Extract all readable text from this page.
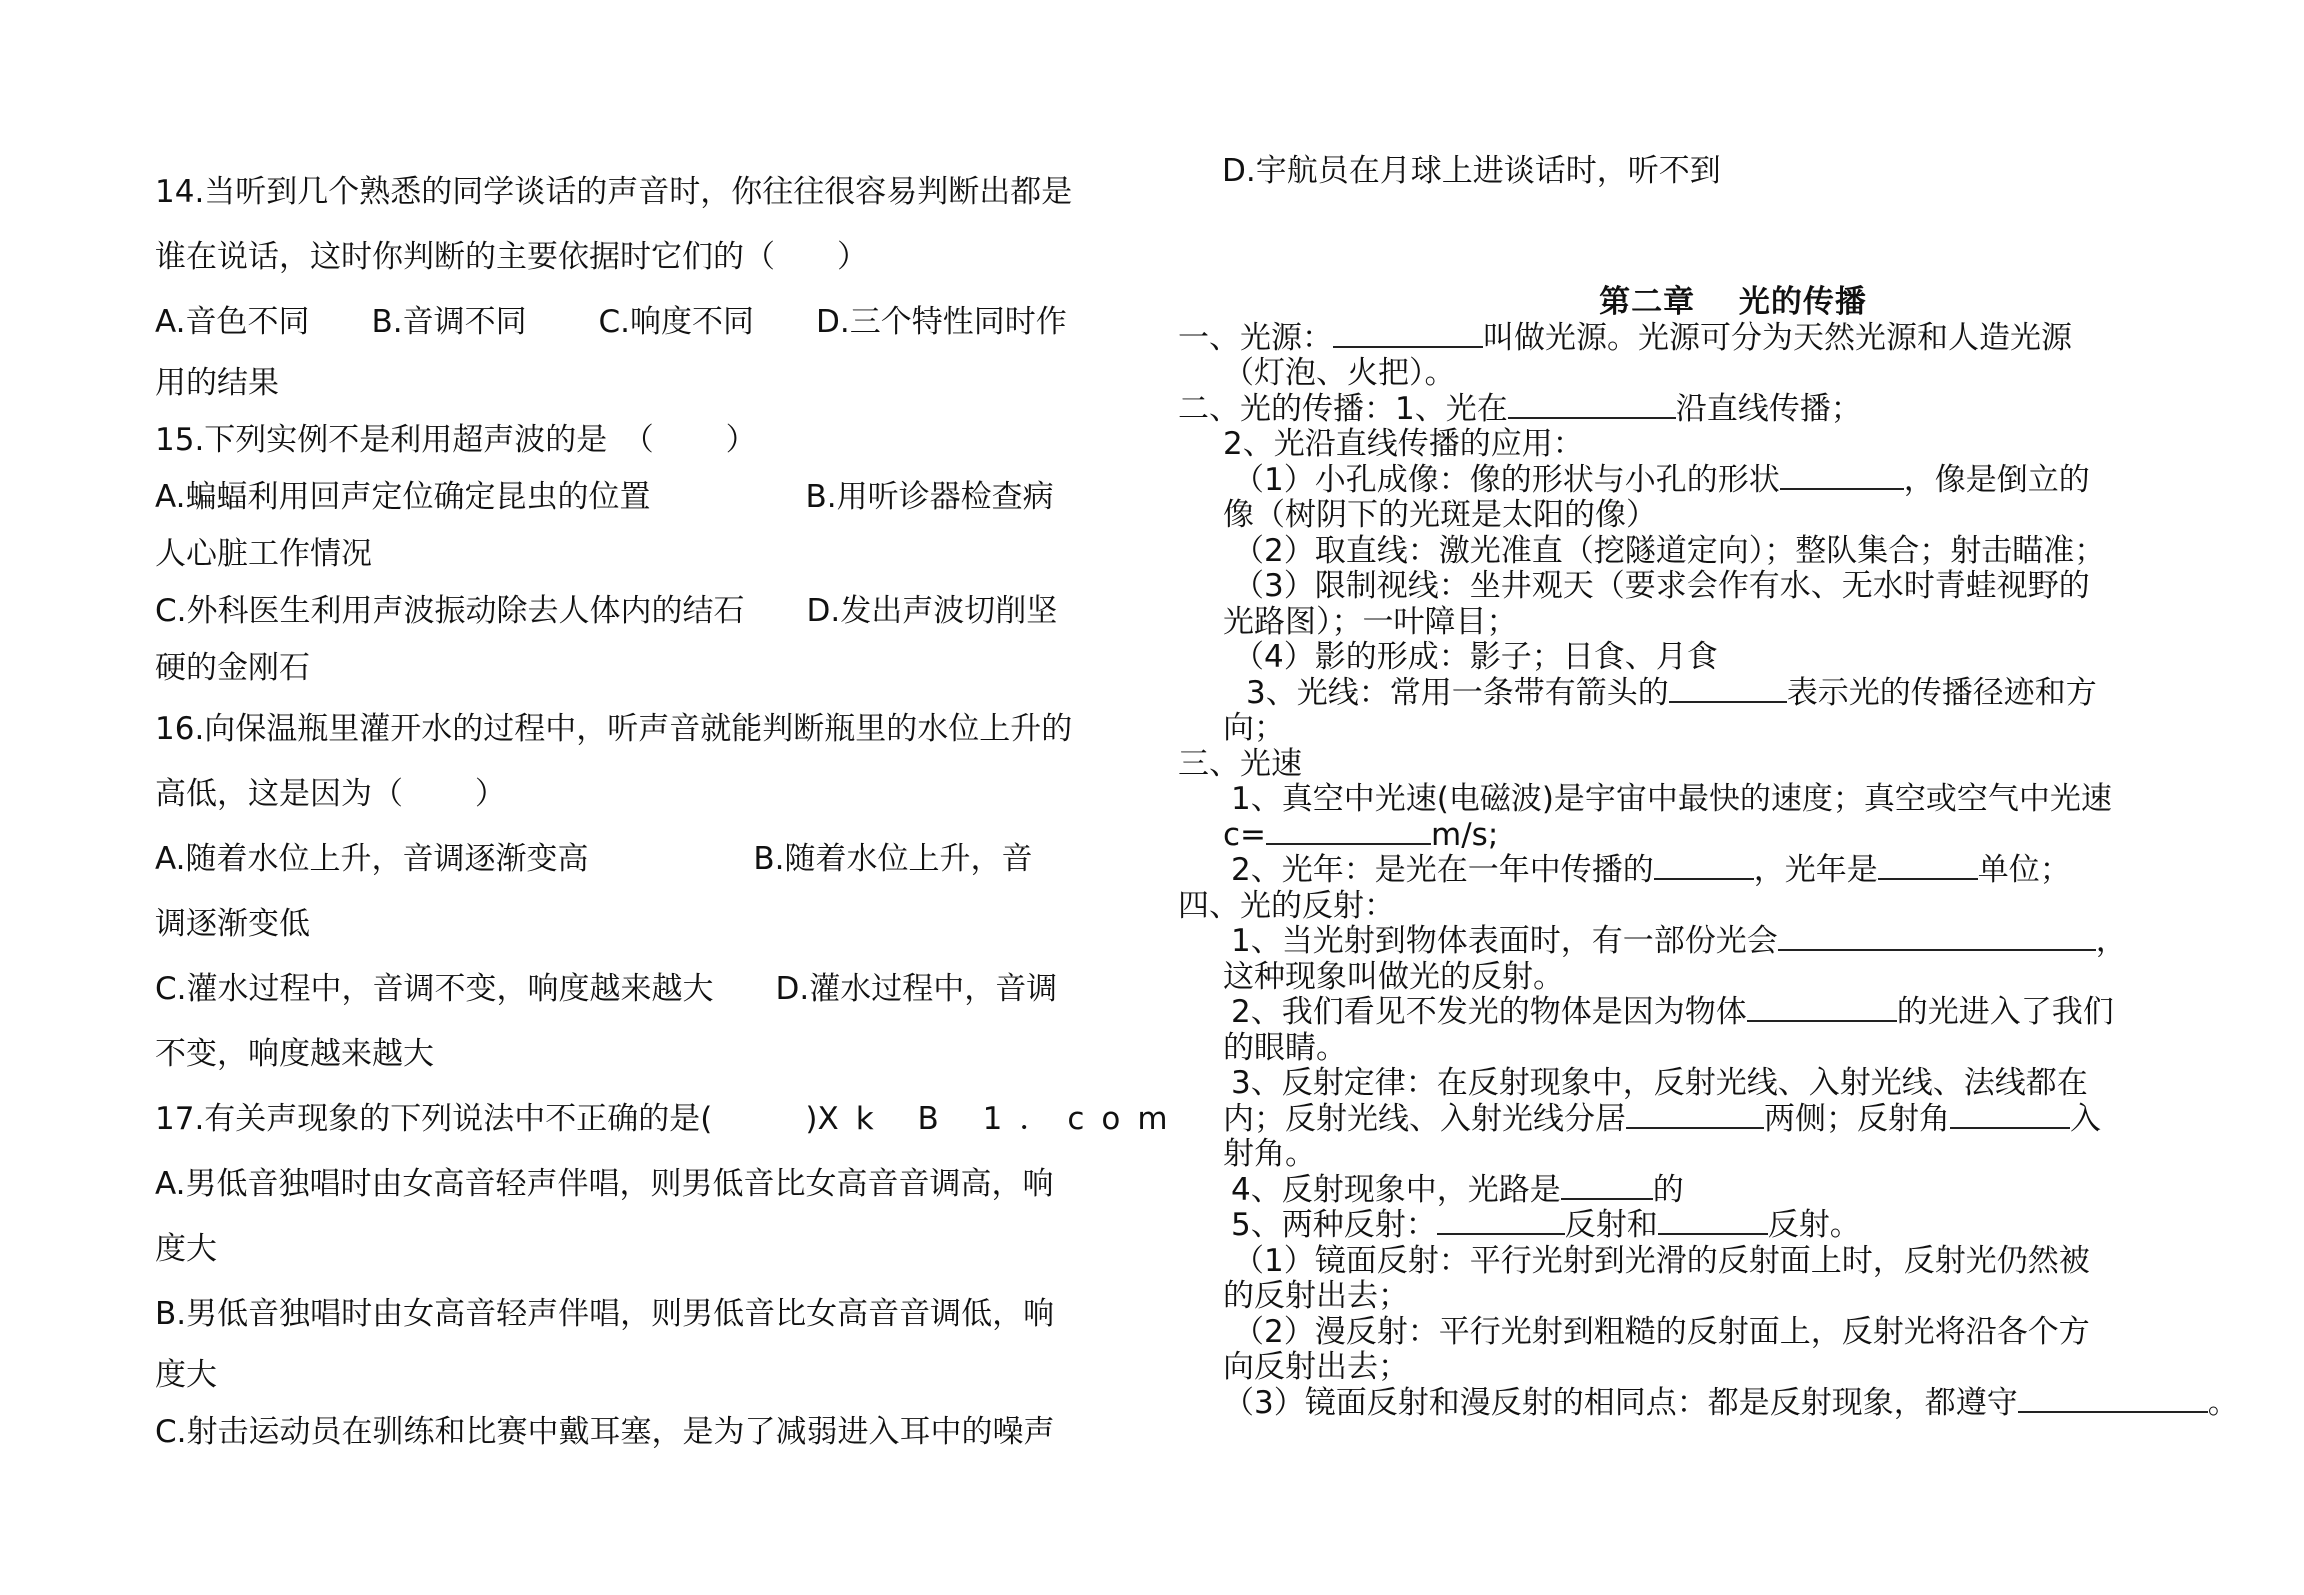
14.当听到几个熟悉的同学谈话的声音时，你往往很容易判断出都是
谁在说话，这时你判断的主要依据时它们的（　　）
A.音色不同　　B.音调不同　　 C.响度不同　　D.三个特性同时作
用的结果
15.下列实例不是利用超声波的是　（　　 ）
A.蝙蝠利用回声定位确定昆虫的位置　　　　　B.用听诊器检查病
人心脏工作情况
C.外科医生利用声波振动除去人体内的结石　　D.发出声波切削坚
硬的金刚石
16.向保温瓶里灌开水的过程中，听声音就能判断瓶里的水位上升的
高低，这是因为（　　 ）
A.随着水位上升，音调逐渐变高　　　　　 B.随着水位上升，音
调逐渐变低
C.灌水过程中，音调不变，响度越来越大　　D.灌水过程中，音调
不变，响度越来越大
17.有关声现象的下列说法中不正确的是(　　　)Xk B 1．com
A.男低音独唱时由女高音轻声伴唱，则男低音比女高音音调高，响
度大
B.男低音独唱时由女高音轻声伴唱，则男低音比女高音音调低，响
度大
C.射击运动员在驯练和比赛中戴耳塞，是为了减弱进入耳中的噪声
D.宇航员在月球上进谈话时，听不到
第二章　 光的传播
一、光源：	叫做光源。光源可分为天然光源和人造光源
（灯泡、火把）。
二、光的传播：1、光在	沿直线传播；
2、光沿直线传播的应用：
（1）小孔成像：像的形状与小孔的形状	，像是倒立的
像（树阴下的光斑是太阳的像）
（2）取直线：激光准直（挖隧道定向）；整队集合；射击瞄准；
（3）限制视线：坐井观天（要求会作有水、无水时青蛙视野的
光路图）；一叶障目；
（4）影的形成：影子；日食、月食
3、光线：常用一条带有箭头的	表示光的传播径迹和方
向；
三、光速
1、真空中光速(电磁波)是宇宙中最快的速度；真空或空气中光速
c=	m/s;
2、光年：是光在一年中传播的	，光年是	单位；
四、光的反射：
1、当光射到物体表面时，有一部份光会	，
这种现象叫做光的反射。
2、我们看见不发光的物体是因为物体	的光进入了我们
的眼睛。
3、反射定律：在反射现象中，反射光线、入射光线、法线都在
内；反射光线、入射光线分居	两侧；反射角	入
射角。
4、反射现象中，光路是	的
5、两种反射：	反射和	反射。
（1）镜面反射：平行光射到光滑的反射面上时，反射光仍然被
的反射出去；
（2）漫反射：平行光射到粗糙的反射面上，反射光将沿各个方
向反射出去；
（3）镜面反射和漫反射的相同点：都是反射现象，都遵守	。
